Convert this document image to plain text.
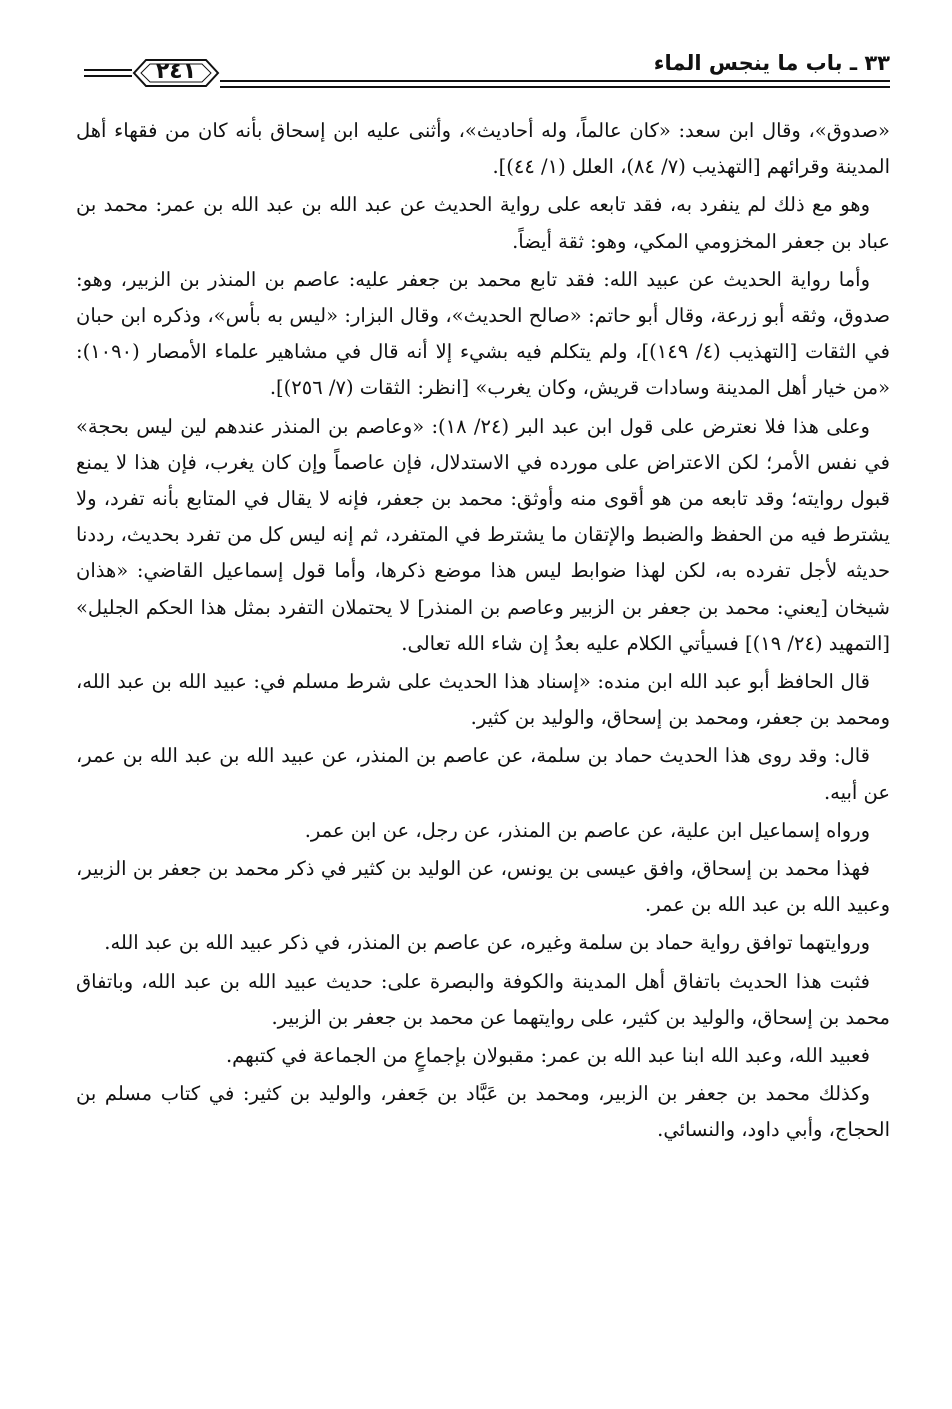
٢٤١	٣٣ ـ باب ما ينجس الماء

«صدوق»، وقال ابن سعد: «كان عالماً، وله أحاديث»، وأثنى عليه ابن إسحاق بأنه كان من فقهاء أهل المدينة وقرائهم [التهذيب (٧/ ٨٤)، العلل (١/ ٤٤)].

وهو مع ذلك لم ينفرد به، فقد تابعه على رواية الحديث عن عبد الله بن عبد الله بن عمر: محمد بن عباد بن جعفر المخزومي المكي، وهو: ثقة أيضاً.

وأما رواية الحديث عن عبيد الله: فقد تابع محمد بن جعفر عليه: عاصم بن المنذر بن الزبير، وهو: صدوق، وثقه أبو زرعة، وقال أبو حاتم: «صالح الحديث»، وقال البزار: «ليس به بأس»، وذكره ابن حبان في الثقات [التهذيب (٤/ ١٤٩)]، ولم يتكلم فيه بشيء إلا أنه قال في مشاهير علماء الأمصار (١٠٩٠): «من خيار أهل المدينة وسادات قريش، وكان يغرب» [انظر: الثقات (٧/ ٢٥٦)].

وعلى هذا فلا نعترض على قول ابن عبد البر (٢٤/ ١٨): «وعاصم بن المنذر عندهم لين ليس بحجة» في نفس الأمر؛ لكن الاعتراض على مورده في الاستدلال، فإن عاصماً وإن كان يغرب، فإن هذا لا يمنع قبول روايته؛ وقد تابعه من هو أقوى منه وأوثق: محمد بن جعفر، فإنه لا يقال في المتابع بأنه تفرد، ولا يشترط فيه من الحفظ والضبط والإتقان ما يشترط في المتفرد، ثم إنه ليس كل من تفرد بحديث، رددنا حديثه لأجل تفرده به، لكن لهذا ضوابط ليس هذا موضع ذكرها، وأما قول إسماعيل القاضي: «هذان شيخان [يعني: محمد بن جعفر بن الزبير وعاصم بن المنذر] لا يحتملان التفرد بمثل هذا الحكم الجليل» [التمهيد (٢٤/ ١٩)] فسيأتي الكلام عليه بعدُ إن شاء الله تعالى.

قال الحافظ أبو عبد الله ابن منده: «إسناد هذا الحديث على شرط مسلم في: عبيد الله بن عبد الله، ومحمد بن جعفر، ومحمد بن إسحاق، والوليد بن كثير.

قال: وقد روى هذا الحديث حماد بن سلمة، عن عاصم بن المنذر، عن عبيد الله بن عبد الله بن عمر، عن أبيه.

ورواه إسماعيل ابن علية، عن عاصم بن المنذر، عن رجل، عن ابن عمر.

فهذا محمد بن إسحاق، وافق عيسى بن يونس، عن الوليد بن كثير في ذكر محمد بن جعفر بن الزبير، وعبيد الله بن عبد الله بن عمر.

وروايتهما توافق رواية حماد بن سلمة وغيره، عن عاصم بن المنذر، في ذكر عبيد الله بن عبد الله.

فثبت هذا الحديث باتفاق أهل المدينة والكوفة والبصرة على: حديث عبيد الله بن عبد الله، وباتفاق محمد بن إسحاق، والوليد بن كثير، على روايتهما عن محمد بن جعفر بن الزبير.

فعبيد الله، وعبد الله ابنا عبد الله بن عمر: مقبولان بإجماعٍ من الجماعة في كتبهم.

وكذلك محمد بن جعفر بن الزبير، ومحمد بن عَبَّاد بن جَعفر، والوليد بن كثير: في كتاب مسلم بن الحجاج، وأبي داود، والنسائي.
